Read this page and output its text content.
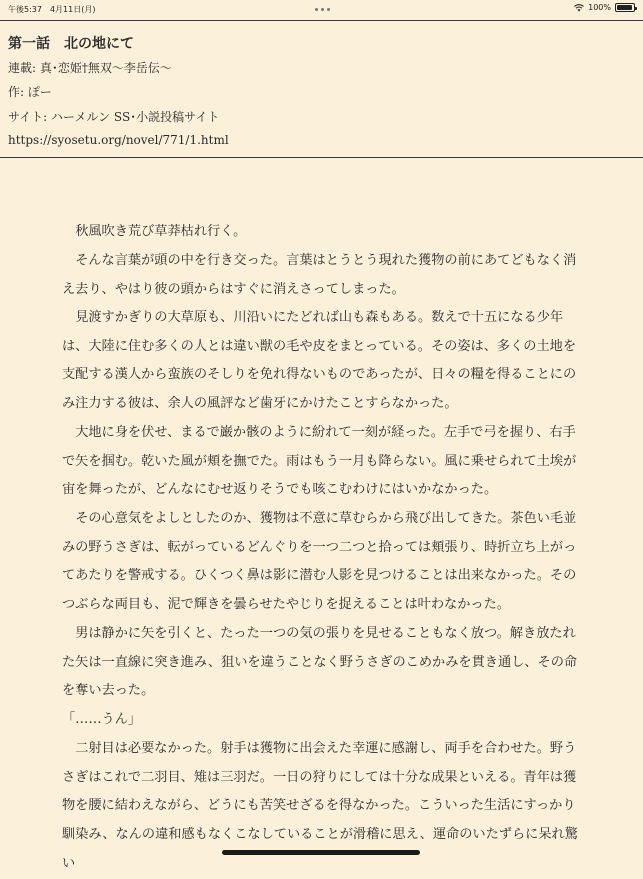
午後5:37　4月11日(月)	100%
第一話　北の地にて
連載: 真･恋姫†無双～李岳伝～
作: ぽー
サイト: ハーメルン SS･小説投稿サイト
https://syosetu.org/novel/771/1.html
秋風吹き荒び草莽枯れ行く。
そんな言葉が頭の中を行き交った。言葉はとうとう現れた獲物の前にあてどもなく消え去り、やはり彼の頭からはすぐに消えさってしまった。
見渡すかぎりの大草原も、川沿いにたどれば山も森もある。数えで十五になる少年は、大陸に住む多くの人とは違い獣の毛や皮をまとっている。その姿は、多くの土地を支配する漢人から蛮族のそしりを免れ得ないものであったが、日々の糧を得ることにのみ注力する彼は、余人の風評など歯牙にかけたことすらなかった。
大地に身を伏せ、まるで巌か骸のように紛れて一刻が経った。左手で弓を握り、右手で矢を掴む。乾いた風が頬を撫でた。雨はもう一月も降らない。風に乗せられて土埃が宙を舞ったが、どんなにむせ返りそうでも咳こむわけにはいかなかった。
その心意気をよしとしたのか、獲物は不意に草むらから飛び出してきた。茶色い毛並みの野うさぎは、転がっているどんぐりを一つ二つと拾っては頬張り、時折立ち上がってあたりを警戒する。ひくつく鼻は影に潜む人影を見つけることは出来なかった。そのつぶらな両目も、泥で輝きを曇らせたやじりを捉えることは叶わなかった。
男は静かに矢を引くと、たった一つの気の張りを見せることもなく放つ。解き放たれた矢は一直線に突き進み、狙いを違うことなく野うさぎのこめかみを貫き通し、その命を奪い去った。
「……うん」
二射目は必要なかった。射手は獲物に出会えた幸運に感謝し、両手を合わせた。野うさぎはこれで二羽目、雉は三羽だ。一日の狩りにしては十分な成果といえる。青年は獲物を腰に結わえながら、どうにも苦笑せざるを得なかった。こういった生活にすっかり馴染み、なんの違和感もなくこなしていることが滑稽に思え、運命のいたずらに呆れ驚い
